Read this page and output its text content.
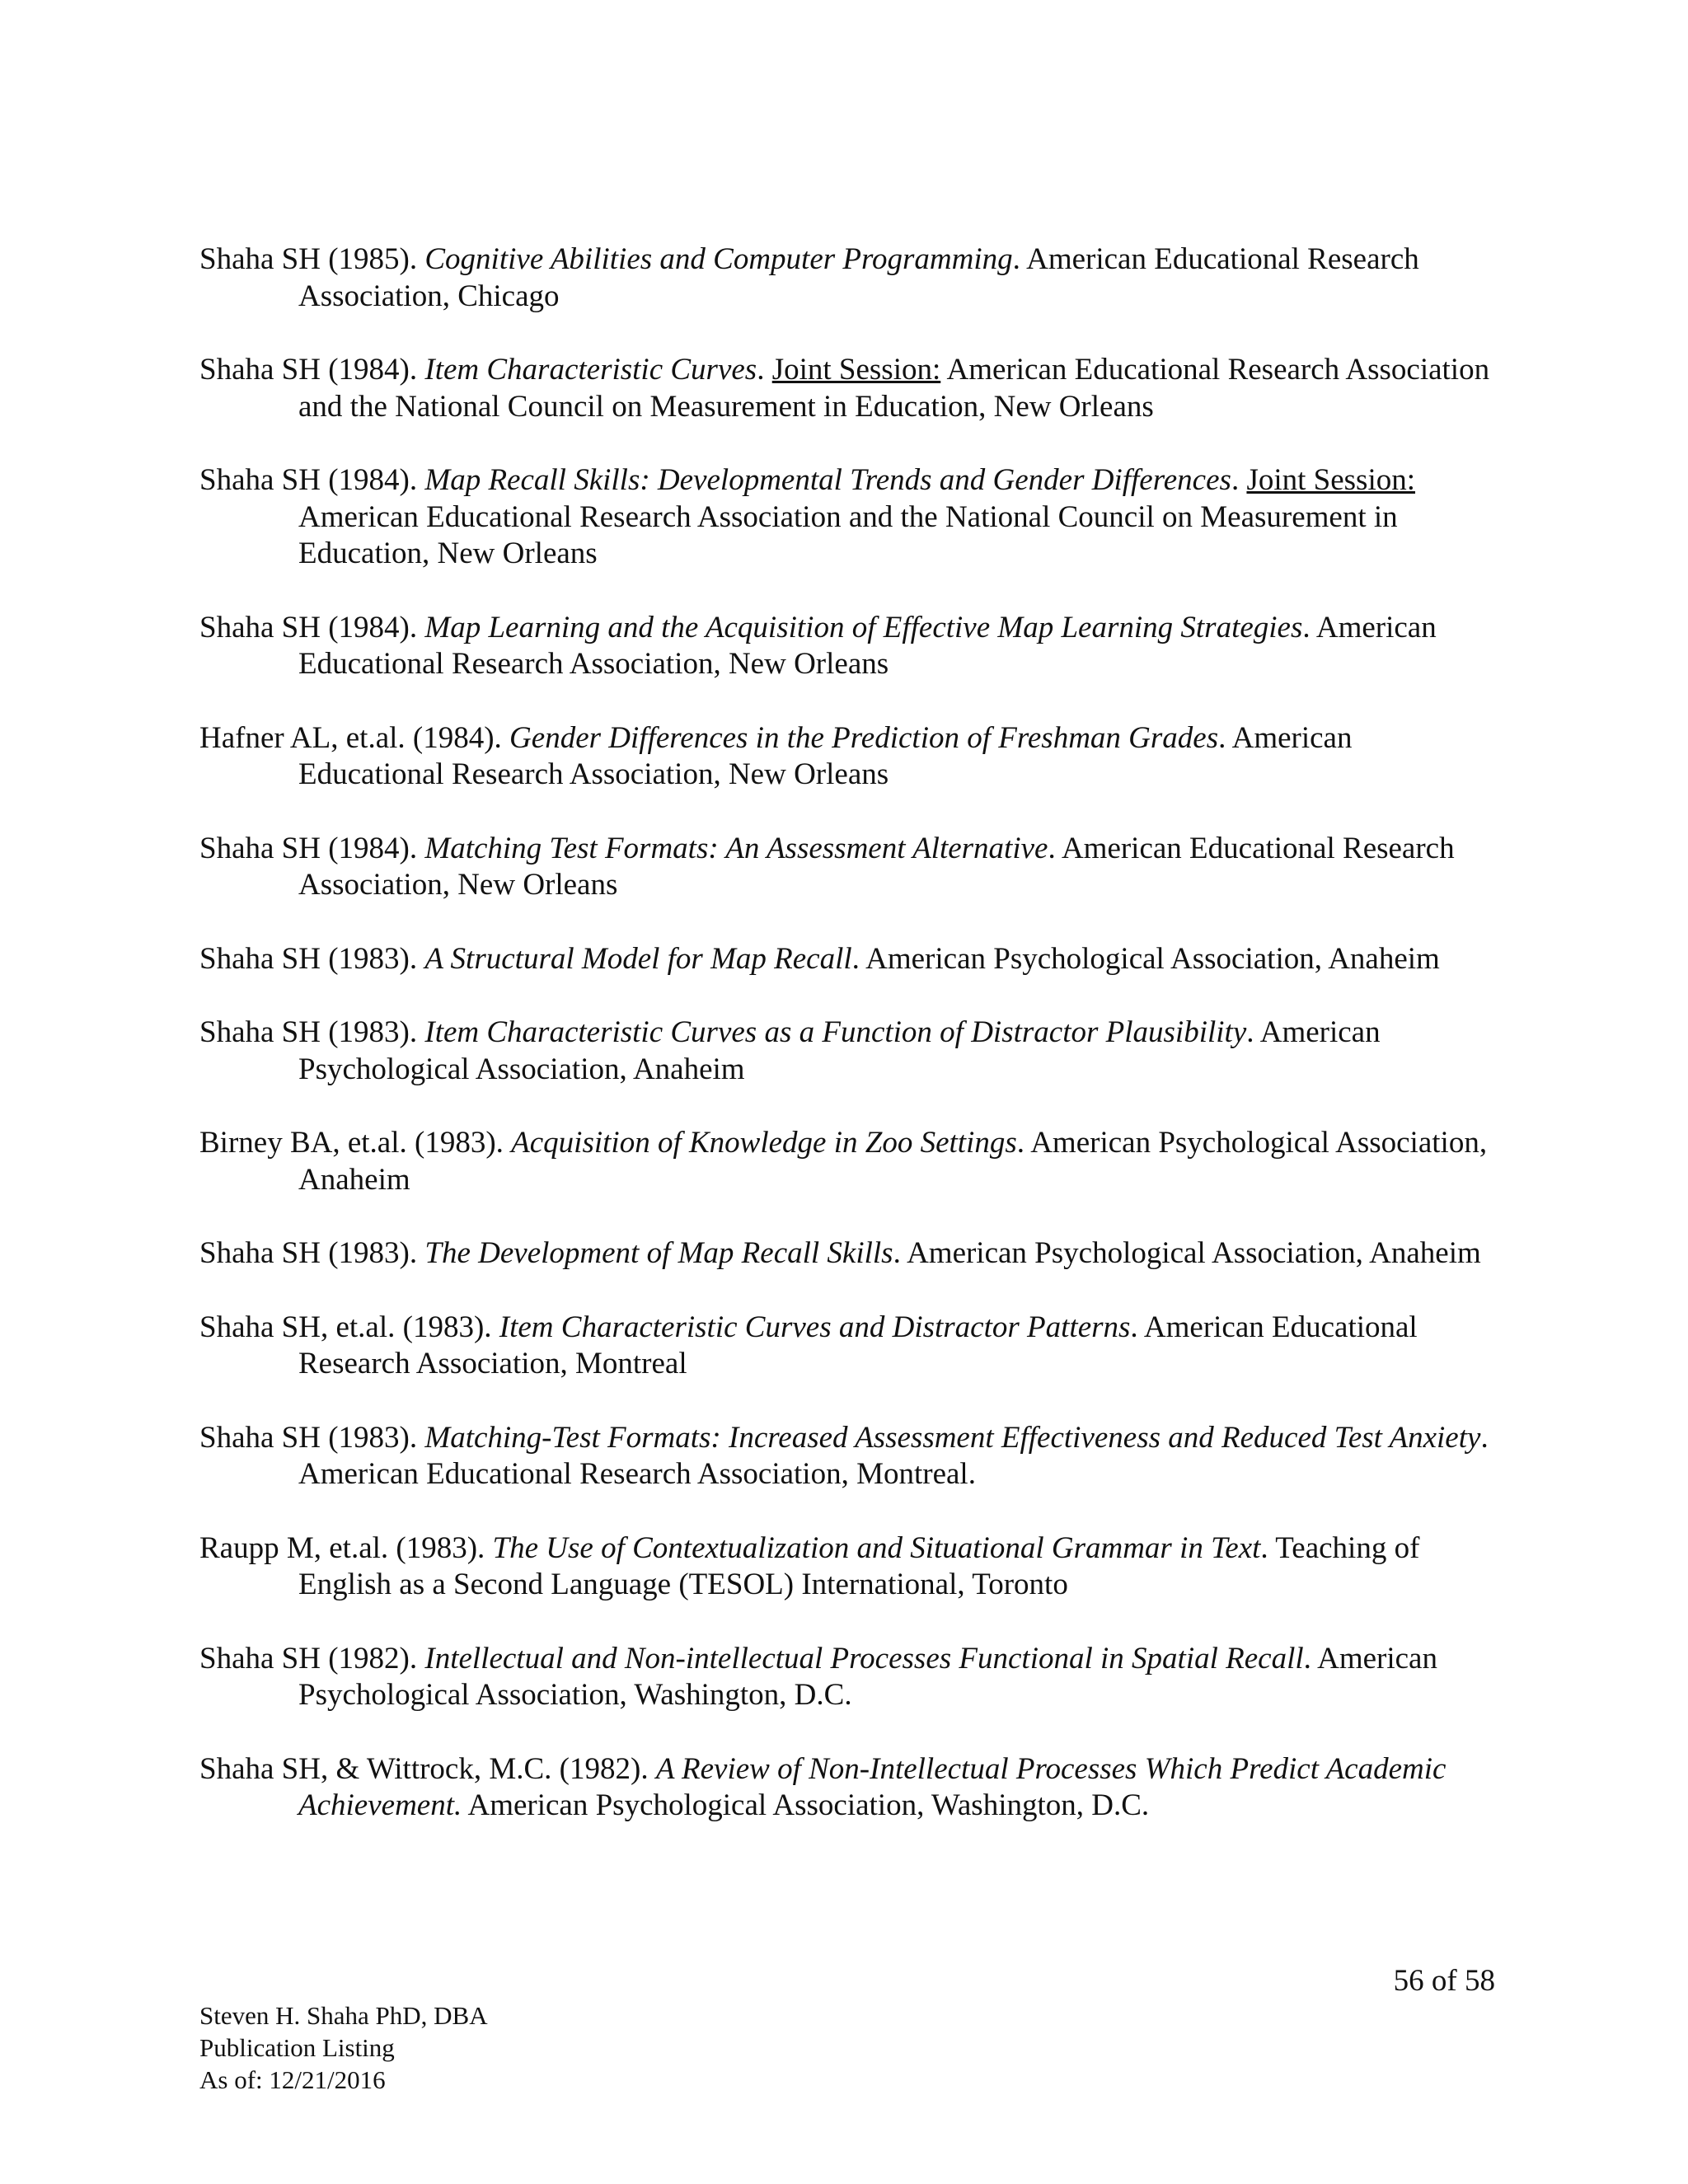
Shaha SH (1985). Cognitive Abilities and Computer Programming. American Educational Research Association, Chicago

Shaha SH (1984). Item Characteristic Curves. Joint Session: American Educational Research Association and the National Council on Measurement in Education, New Orleans

Shaha SH (1984). Map Recall Skills: Developmental Trends and Gender Differences. Joint Session: American Educational Research Association and the National Council on Measurement in Education, New Orleans

Shaha SH (1984). Map Learning and the Acquisition of Effective Map Learning Strategies. American Educational Research Association, New Orleans

Hafner AL, et.al. (1984). Gender Differences in the Prediction of Freshman Grades. American Educational Research Association, New Orleans

Shaha SH (1984). Matching Test Formats: An Assessment Alternative. American Educational Research Association, New Orleans

Shaha SH (1983). A Structural Model for Map Recall. American Psychological Association, Anaheim

Shaha SH (1983). Item Characteristic Curves as a Function of Distractor Plausibility. American Psychological Association, Anaheim

Birney BA, et.al. (1983). Acquisition of Knowledge in Zoo Settings. American Psychological Association, Anaheim

Shaha SH (1983). The Development of Map Recall Skills. American Psychological Association, Anaheim

Shaha SH, et.al. (1983). Item Characteristic Curves and Distractor Patterns. American Educational Research Association, Montreal

Shaha SH (1983). Matching-Test Formats: Increased Assessment Effectiveness and Reduced Test Anxiety. American Educational Research Association, Montreal.

Raupp M, et.al. (1983). The Use of Contextualization and Situational Grammar in Text. Teaching of English as a Second Language (TESOL) International, Toronto

Shaha SH (1982). Intellectual and Non-intellectual Processes Functional in Spatial Recall. American Psychological Association, Washington, D.C.

Shaha SH, & Wittrock, M.C. (1982). A Review of Non-Intellectual Processes Which Predict Academic Achievement. American Psychological Association, Washington, D.C.

56 of 58
Steven H. Shaha PhD, DBA
Publication Listing
As of: 12/21/2016
